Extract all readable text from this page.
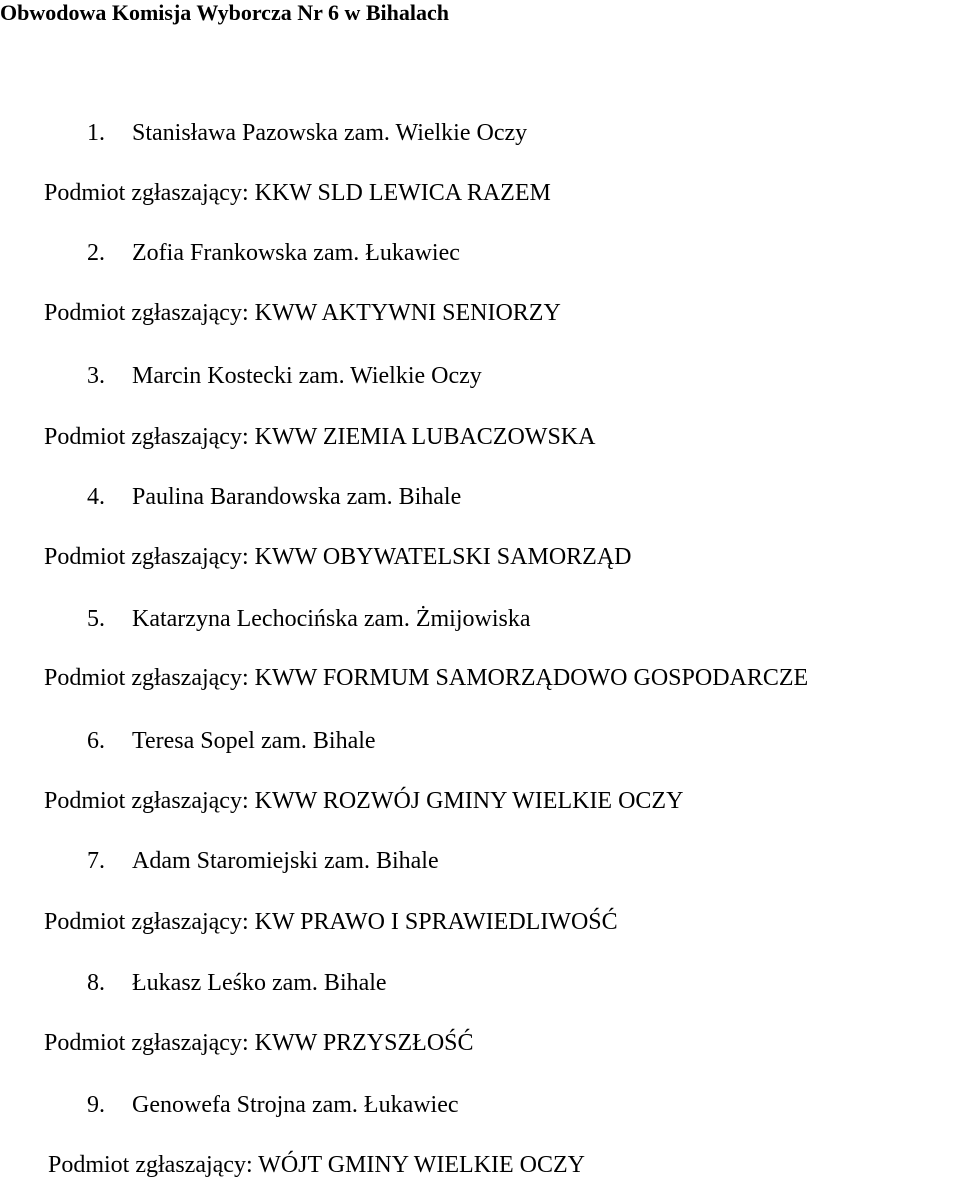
Obwodowa Komisja Wyborcza Nr 6 w Bihalach
1. Stanisława Pazowska zam. Wielkie Oczy
Podmiot zgłaszający: KKW SLD LEWICA RAZEM
2. Zofia Frankowska zam. Łukawiec
Podmiot zgłaszający: KWW AKTYWNI SENIORZY
3. Marcin Kostecki zam. Wielkie Oczy
Podmiot zgłaszający: KWW ZIEMIA LUBACZOWSKA
4. Paulina Barandowska zam. Bihale
Podmiot zgłaszający: KWW OBYWATELSKI SAMORZĄD
5. Katarzyna Lechocińska zam. Żmijowiska
Podmiot zgłaszający: KWW FORMUM SAMORZĄDOWO GOSPODARCZE
6. Teresa Sopel zam. Bihale
Podmiot zgłaszający: KWW ROZWÓJ GMINY WIELKIE OCZY
7. Adam Staromiejski zam. Bihale
Podmiot zgłaszający: KW PRAWO I SPRAWIEDLIWOŚĆ
8. Łukasz Leśko zam. Bihale
Podmiot zgłaszający: KWW PRZYSZŁOŚĆ
9. Genowefa Strojna zam. Łukawiec
Podmiot zgłaszający: WÓJT GMINY WIELKIE OCZY
